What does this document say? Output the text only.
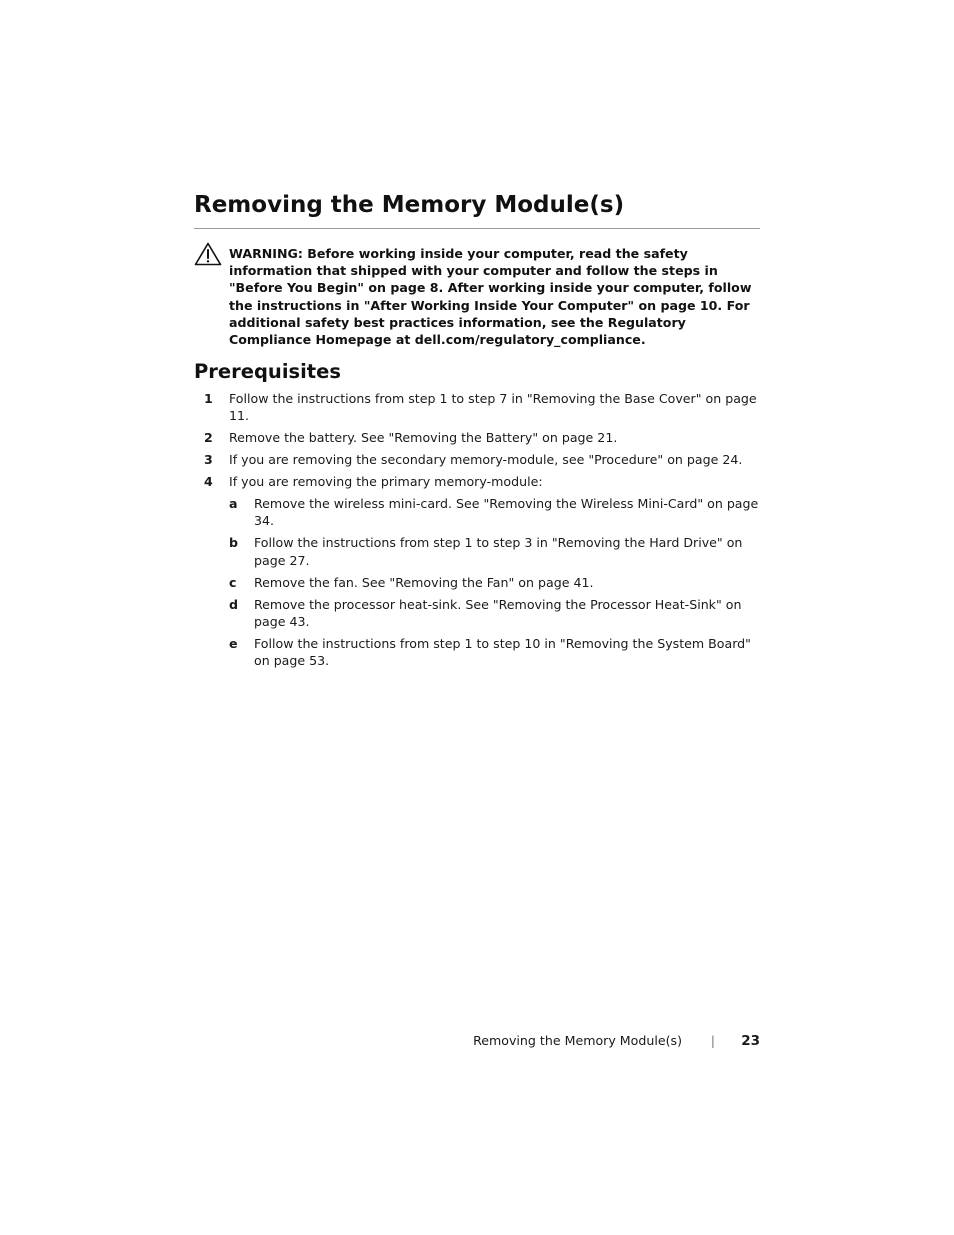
Removing the Memory Module(s)

WARNING: Before working inside your computer, read the safety information that shipped with your computer and follow the steps in "Before You Begin" on page 8. After working inside your computer, follow the instructions in "After Working Inside Your Computer" on page 10. For additional safety best practices information, see the Regulatory Compliance Homepage at dell.com/regulatory_compliance.

Prerequisites
1 Follow the instructions from step 1 to step 7 in "Removing the Base Cover" on page 11.
2 Remove the battery. See "Removing the Battery" on page 21.
3 If you are removing the secondary memory-module, see "Procedure" on page 24.
4 If you are removing the primary memory-module:
a Remove the wireless mini-card. See "Removing the Wireless Mini-Card" on page 34.
b Follow the instructions from step 1 to step 3 in "Removing the Hard Drive" on page 27.
c Remove the fan. See "Removing the Fan" on page 41.
d Remove the processor heat-sink. See "Removing the Processor Heat-Sink" on page 43.
e Follow the instructions from step 1 to step 10 in "Removing the System Board" on page 53.
Removing the Memory Module(s) | 23
